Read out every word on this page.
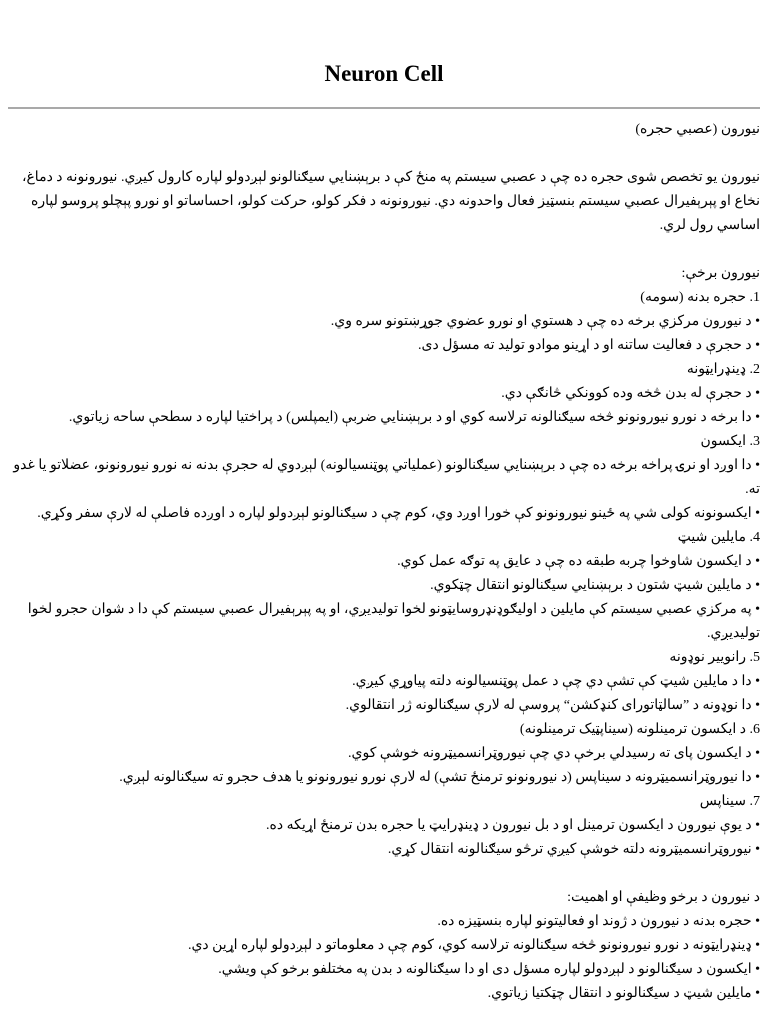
Neuron Cell
نیورون (عصبي حجره)
نیورون یو تخصص شوی حجره ده چې د عصبي سیستم په منځ کې د برېښنايي سیګنالونو لېږدولو لپاره کارول کیږي. نیورونونه د دماغ، نخاع او پېرېفیرال عصبي سیستم بنسټیز فعال واحدونه دي. نیورونونه د فکر کولو، حرکت کولو، احساساتو او نورو پېچلو پروسو لپاره اساسي رول لري.
نیورون برخې:
1. حجره بدنه (سومه)
• د نیورون مرکزي برخه ده چې د هستوي او نورو عضوي جوړښتونو سره وي.
• د حجرې د فعالیت ساتنه او د اړینو موادو تولید ته مسؤل دی.
2. ډینډرایټونه
• د حجرې له بدن څخه وده کوونکي څانګې دي.
• دا برخه د نورو نیورونونو څخه سیګنالونه ترلاسه کوي او د برېښنايي ضربې (ایمپلس) د پراختیا لپاره د سطحې ساحه زیاتوي.
3. ایکسون
• دا اوږد او نرۍ پراخه برخه ده چې د برېښنايي سیګنالونو (عملیاتي پوټنسیالونه) لېږدوي له حجرې بدنه نه نورو نیورونونو، عضلاتو یا غدو ته.
• ایکسونونه کولی شي په ځینو نیورونونو کې خورا اوږد وي، کوم چې د سیګنالونو لېږدولو لپاره د اوږده فاصلې له لارې سفر وکړي.
4. مایلین شیټ
• د ایکسون شاوخوا چربه طبقه ده چې د عایق په توګه عمل کوي.
• د مایلین شیټ شتون د برېښنايي سیګنالونو انتقال چټکوي.
• په مرکزي عصبي سیستم کې مایلین د اولیګوډنډروسایټونو لخوا تولیدیږي، او په پېرېفیرال عصبي سیستم کې دا د شوان حجرو لخوا تولیدیږي.
5. رانوییر نوډونه
• دا د مایلین شیټ کې تشې دي چې د عمل پوټنسیالونه دلته پیاوړي کیږي.
• دا نوډونه د ”سالټاتورای کنډکشن“ پروسې له لارې سیګنالونه ژر انتقالوي.
6. د ایکسون ترمینلونه (سیناپټیک ترمینلونه)
• د ایکسون پای ته رسیدلي برخې دي چې نیوروټرانسمیټرونه خوشې کوي.
• دا نیوروټرانسمیټرونه د سیناپس (د نیورونونو ترمنځ تشې) له لارې نورو نیورونونو یا هدف حجرو ته سیګنالونه لېږي.
7. سیناپس
• د یوې نیورون د ایکسون ترمینل او د بل نیورون د ډینډرایټ یا حجره بدن ترمنځ اړیکه ده.
• نیوروټرانسمیټرونه دلته خوشې کیږي ترڅو سیګنالونه انتقال کړي.
د نیورون د برخو وظیفې او اهمیت:
• حجره بدنه د نیورون د ژوند او فعالیتونو لپاره بنسټیزه ده.
• ډینډرایټونه د نورو نیورونونو څخه سیګنالونه ترلاسه کوي، کوم چې د معلوماتو د لېږدولو لپاره اړین دي.
• ایکسون د سیګنالونو د لېږدولو لپاره مسؤل دی او دا سیګنالونه د بدن په مختلفو برخو کې ویشي.
• مایلین شیټ د سیګنالونو د انتقال چټکتیا زیاتوي.
